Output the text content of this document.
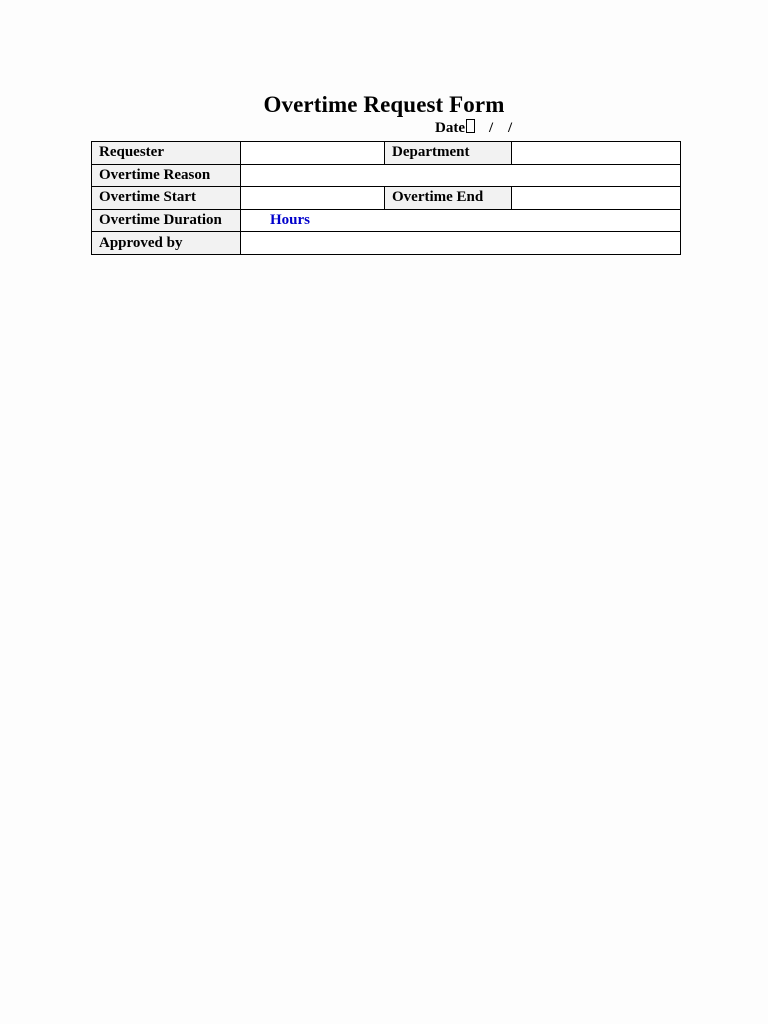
Overtime Request Form
Date / /
Requester		Department	
Overtime Reason			
Overtime Start		Overtime End	
Overtime Duration	Hours		
Approved by			
